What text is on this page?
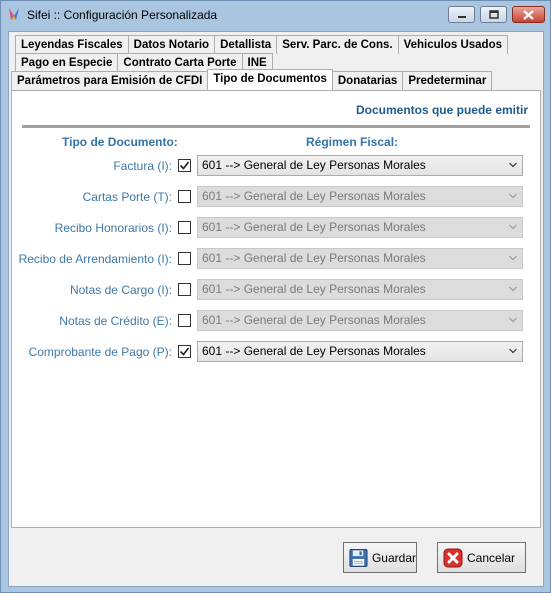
Sifei :: Configuración Personalizada
Leyendas Fiscales Datos Notario Detallista Serv. Parc. de Cons. Vehiculos Usados
Pago en Especie Contrato Carta Porte INE
Parámetros para Emisión de CFDI Tipo de Documentos Donatarias Predeterminar
Documentos que puede emitir
Tipo de Documento:	Régimen Fiscal:
Factura (I):	601 --> General de Ley Personas Morales
Cartas Porte (T):	601 --> General de Ley Personas Morales
Recibo Honorarios (I):	601 --> General de Ley Personas Morales
Recibo de Arrendamiento (I):	601 --> General de Ley Personas Morales
Notas de Cargo (I):	601 --> General de Ley Personas Morales
Notas de Crédito (E):	601 --> General de Ley Personas Morales
Comprobante de Pago (P):	601 --> General de Ley Personas Morales
Guardar	Cancelar
